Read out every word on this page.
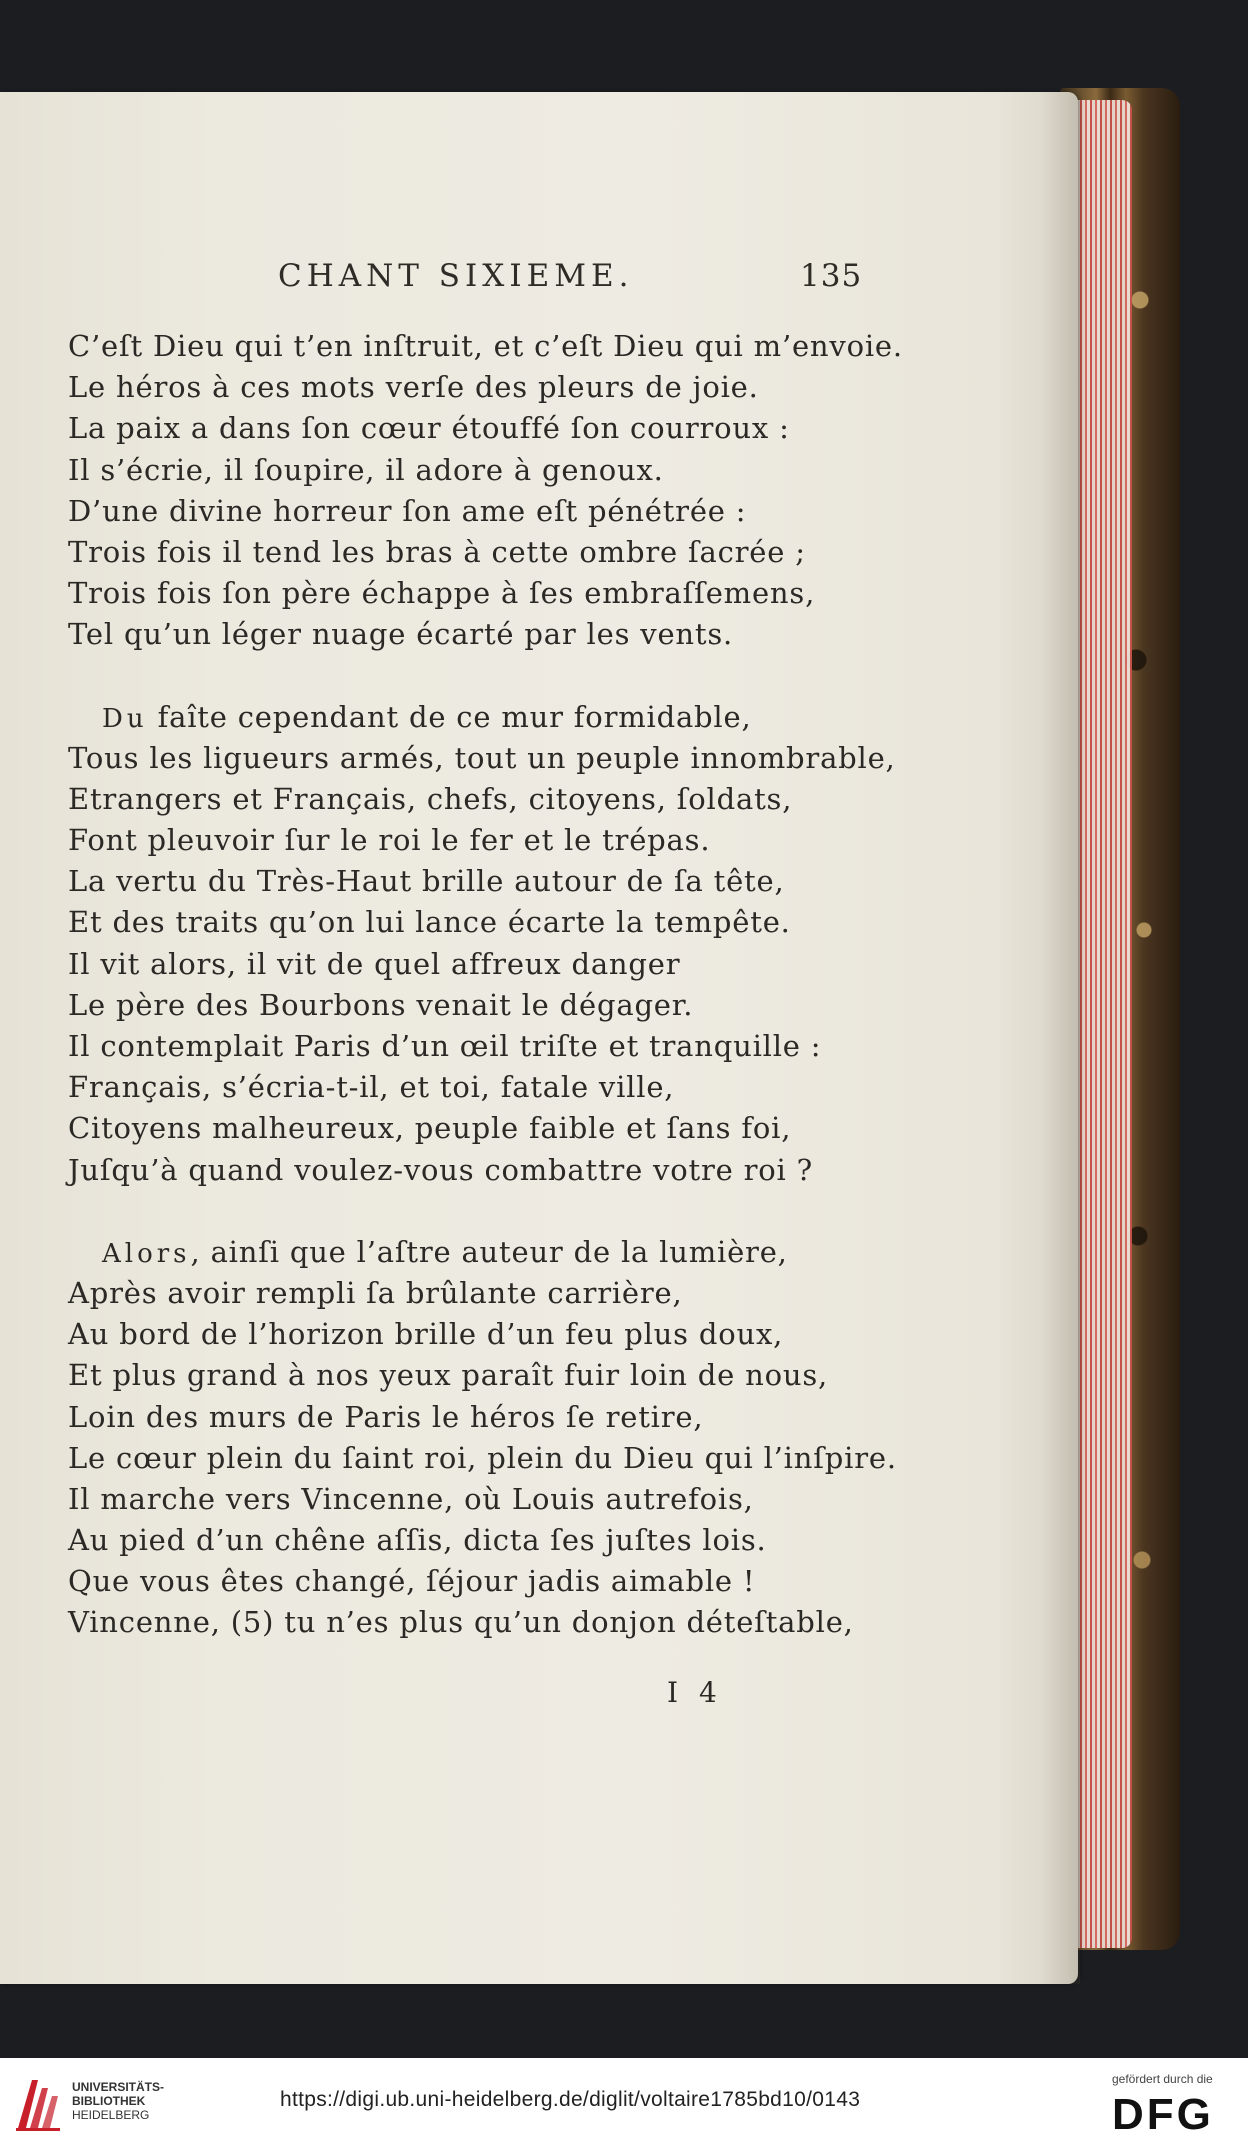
CHANT SIXIEME.	135
C’eſt Dieu qui t’en inſtruit, et c’eſt Dieu qui m’envoie.
Le héros à ces mots verſe des pleurs de joie.
La paix a dans ſon cœur étouffé ſon courroux :
Il s’écrie, il ſoupire, il adore à genoux.
D’une divine horreur ſon ame eſt pénétrée :
Trois fois il tend les bras à cette ombre ſacrée ;
Trois fois ſon père échappe à ſes embraſſemens,
Tel qu’un léger nuage écarté par les vents.
Du faîte cependant de ce mur formidable,
Tous les ligueurs armés, tout un peuple innombrable,
Etrangers et Français, chefs, citoyens, ſoldats,
Font pleuvoir ſur le roi le fer et le trépas.
La vertu du Très-Haut brille autour de ſa tête,
Et des traits qu’on lui lance écarte la tempête.
Il vit alors, il vit de quel affreux danger
Le père des Bourbons venait le dégager.
Il contemplait Paris d’un œil triſte et tranquille :
Français, s’écria-t-il, et toi, fatale ville,
Citoyens malheureux, peuple faible et ſans foi,
Juſqu’à quand voulez-vous combattre votre roi ?
Alors, ainſi que l’aſtre auteur de la lumière,
Après avoir rempli ſa brûlante carrière,
Au bord de l’horizon brille d’un feu plus doux,
Et plus grand à nos yeux paraît fuir loin de nous,
Loin des murs de Paris le héros ſe retire,
Le cœur plein du ſaint roi, plein du Dieu qui l’inſpire.
Il marche vers Vincenne, où Louis autrefois,
Au pied d’un chêne aſſis, dicta ſes juſtes lois.
Que vous êtes changé, ſéjour jadis aimable !
Vincenne, (5) tu n’es plus qu’un donjon déteſtable,
I 4
UNIVERSITÄTS-
BIBLIOTHEK
HEIDELBERG
https://digi.ub.uni-heidelberg.de/diglit/voltaire1785bd10/0143
gefördert durch die
DFG
